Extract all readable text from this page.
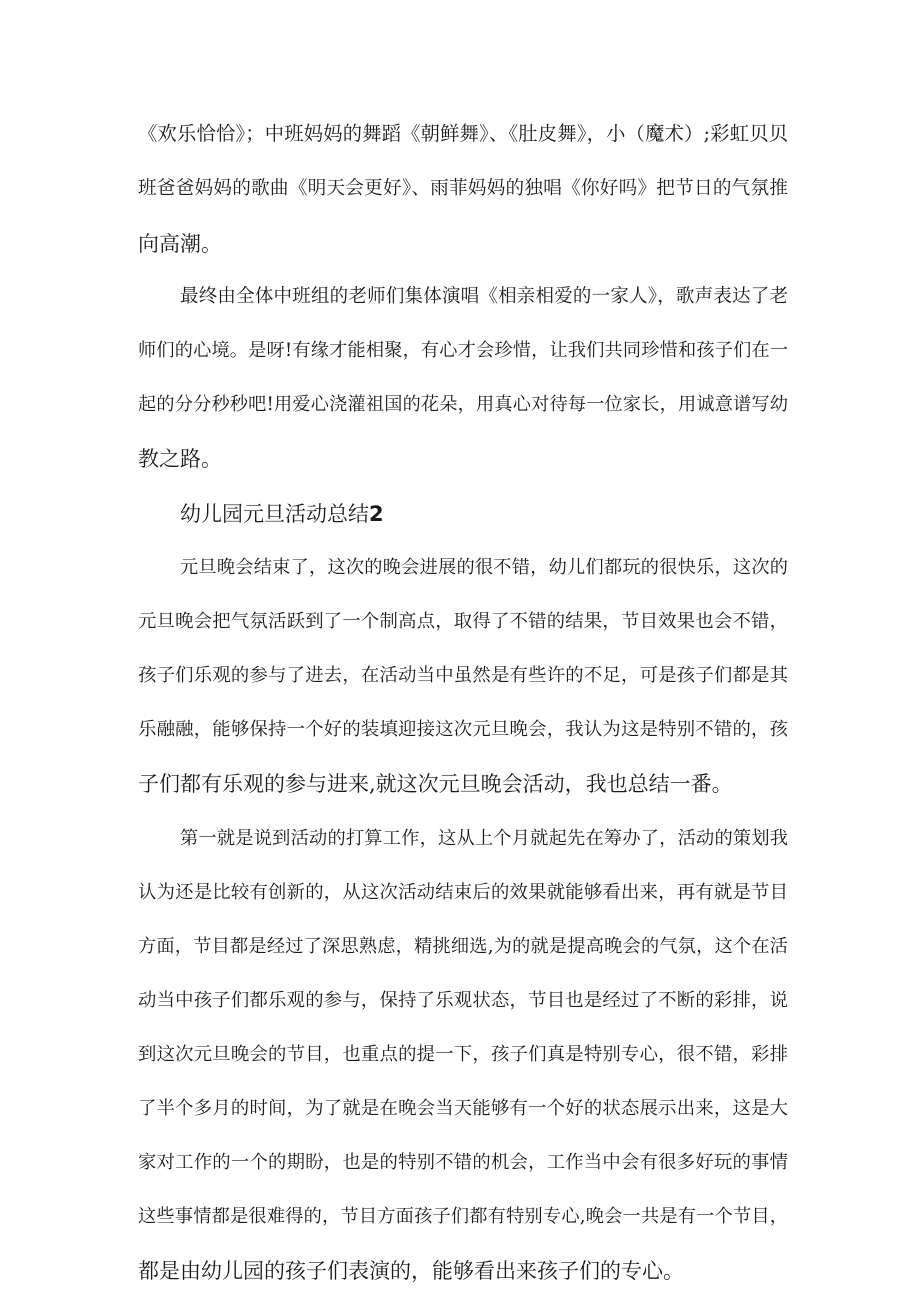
《欢乐恰恰》；中班妈妈的舞蹈《朝鲜舞》、《肚皮舞》，小（魔术）;彩虹贝贝
班爸爸妈妈的歌曲《明天会更好》、雨菲妈妈的独唱《你好吗》把节日的气氛推
向高潮。
最终由全体中班组的老师们集体演唱《相亲相爱的一家人》，歌声表达了老
师们的心境。是呀!有缘才能相聚，有心才会珍惜，让我们共同珍惜和孩子们在一
起的分分秒秒吧!用爱心浇灌祖国的花朵，用真心对待每一位家长，用诚意谱写幼
教之路。
幼儿园元旦活动总结2
元旦晚会结束了，这次的晚会进展的很不错，幼儿们都玩的很快乐，这次的
元旦晚会把气氛活跃到了一个制高点，取得了不错的结果，节目效果也会不错，
孩子们乐观的参与了进去，在活动当中虽然是有些许的不足，可是孩子们都是其
乐融融，能够保持一个好的装填迎接这次元旦晚会，我认为这是特别不错的，孩
子们都有乐观的参与进来,就这次元旦晚会活动，我也总结一番。
第一就是说到活动的打算工作，这从上个月就起先在筹办了，活动的策划我
认为还是比较有创新的，从这次活动结束后的效果就能够看出来，再有就是节目
方面，节目都是经过了深思熟虑，精挑细选,为的就是提高晚会的气氛，这个在活
动当中孩子们都乐观的参与，保持了乐观状态，节目也是经过了不断的彩排，说
到这次元旦晚会的节目，也重点的提一下，孩子们真是特别专心，很不错，彩排
了半个多月的时间，为了就是在晚会当天能够有一个好的状态展示出来，这是大
家对工作的一个的期盼，也是的特别不错的机会，工作当中会有很多好玩的事情
这些事情都是很难得的，节目方面孩子们都有特别专心,晚会一共是有一个节目，
都是由幼儿园的孩子们表演的，能够看出来孩子们的专心。
